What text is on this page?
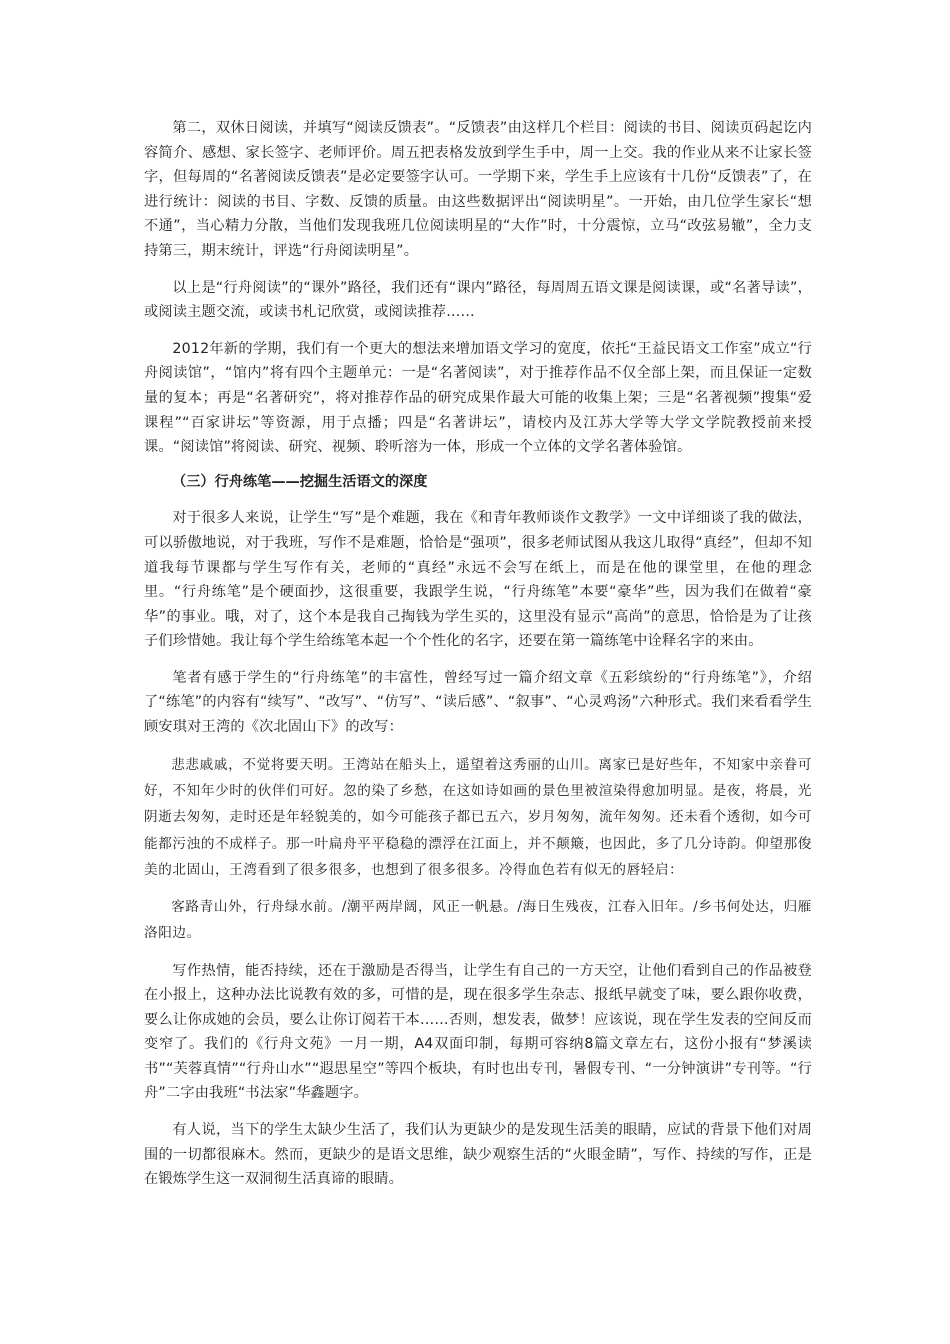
第二，双休日阅读，并填写“阅读反馈表”。“反馈表”由这样几个栏目：阅读的书目、阅读页码起讫内容简介、感想、家长签字、老师评价。周五把表格发放到学生手中，周一上交。我的作业从来不让家长签字，但每周的“名著阅读反馈表”是必定要签字认可。一学期下来，学生手上应该有十几份“反馈表”了，在进行统计：阅读的书目、字数、反馈的质量。由这些数据评出“阅读明星”。一开始，由几位学生家长“想不通”，当心精力分散，当他们发现我班几位阅读明星的“大作”时，十分震惊，立马“改弦易辙”，全力支持第三，期末统计，评选“行舟阅读明星”。

以上是“行舟阅读”的“课外”路径，我们还有“课内”路径，每周周五语文课是阅读课，或“名著导读”，或阅读主题交流，或读书札记欣赏，或阅读推荐……

2012年新的学期，我们有一个更大的想法来增加语文学习的宽度，依托“王益民语文工作室”成立“行舟阅读馆”，“馆内”将有四个主题单元：一是“名著阅读”，对于推荐作品不仅全部上架，而且保证一定数量的复本；再是“名著研究”，将对推荐作品的研究成果作最大可能的收集上架；三是“名著视频”搜集“爱课程”“百家讲坛”等资源，用于点播；四是“名著讲坛”，请校内及江苏大学等大学文学院教授前来授课。“阅读馆”将阅读、研究、视频、聆听溶为一体，形成一个立体的文学名著体验馆。

（三）行舟练笔——挖掘生活语文的深度

对于很多人来说，让学生“写”是个难题，我在《和青年教师谈作文教学》一文中详细谈了我的做法，可以骄傲地说，对于我班，写作不是难题，恰恰是“强项”，很多老师试图从我这儿取得“真经”，但却不知道我每节课都与学生写作有关，老师的“真经”永远不会写在纸上，而是在他的课堂里，在他的理念里。“行舟练笔”是个硬面抄，这很重要，我跟学生说，“行舟练笔”本要“豪华”些，因为我们在做着“豪华”的事业。哦，对了，这个本是我自己掏钱为学生买的，这里没有显示“高尚”的意思，恰恰是为了让孩子们珍惜她。我让每个学生给练笔本起一个个性化的名字，还要在第一篇练笔中诠释名字的来由。

笔者有感于学生的“行舟练笔”的丰富性，曾经写过一篇介绍文章《五彩缤纷的“行舟练笔”》，介绍了“练笔”的内容有“续写”、“改写”、“仿写”、“读后感”、“叙事”、“心灵鸡汤”六种形式。我们来看看学生顾安琪对王湾的《次北固山下》的改写：

悲悲戚戚，不觉将要天明。王湾站在船头上，遥望着这秀丽的山川。离家已是好些年，不知家中亲眷可好，不知年少时的伙伴们可好。忽的染了乡愁，在这如诗如画的景色里被渲染得愈加明显。是夜，将晨，光阴逝去匆匆，走时还是年轻貌美的，如今可能孩子都已五六，岁月匆匆，流年匆匆。还未看个透彻，如今可能都污浊的不成样子。那一叶扁舟平平稳稳的漂浮在江面上，并不颠簸，也因此，多了几分诗韵。仰望那俊美的北固山，王湾看到了很多很多，也想到了很多很多。冷得血色若有似无的唇轻启：

客路青山外，行舟绿水前。/潮平两岸阔，风正一帆悬。/海日生残夜，江春入旧年。/乡书何处达，归雁洛阳边。

写作热情，能否持续，还在于激励是否得当，让学生有自己的一方天空，让他们看到自己的作品被登在小报上，这种办法比说教有效的多，可惜的是，现在很多学生杂志、报纸早就变了味，要么跟你收费，要么让你成她的会员，要么让你订阅若干本……否则，想发表，做梦！应该说，现在学生发表的空间反而变窄了。我们的《行舟文苑》一月一期，A4双面印制，每期可容纳8篇文章左右，这份小报有“梦溪读书”“芙蓉真情”“行舟山水”“遐思星空”等四个板块，有时也出专刊，暑假专刊、“一分钟演讲”专刊等。“行舟”二字由我班“书法家”华鑫题字。

有人说，当下的学生太缺少生活了，我们认为更缺少的是发现生活美的眼睛，应试的背景下他们对周围的一切都很麻木。然而，更缺少的是语文思维，缺少观察生活的“火眼金睛”，写作、持续的写作，正是在锻炼学生这一双洞彻生活真谛的眼睛。
